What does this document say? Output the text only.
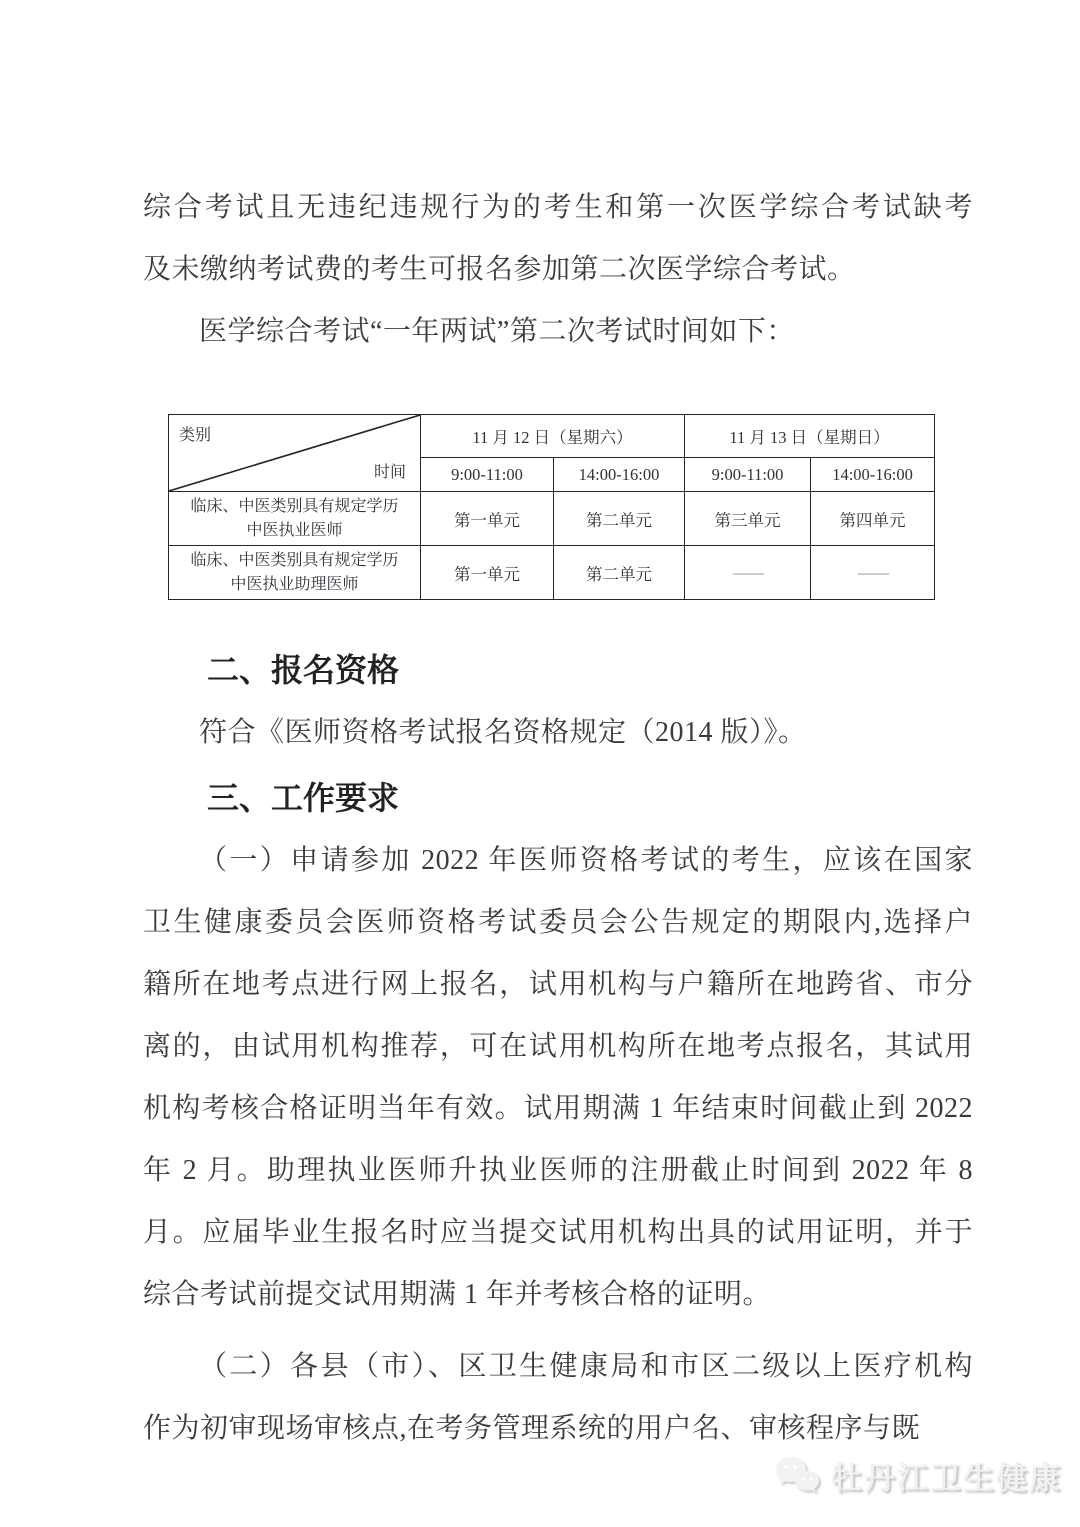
综合考试且无违纪违规行为的考生和第一次医学综合考试缺考
及未缴纳考试费的考生可报名参加第二次医学综合考试。
医学综合考试“一年两试”第二次考试时间如下：
类别
时间	11 月 12 日（星期六）		11 月 13 日（星期日）	
	9:00-11:00	14:00-16:00	9:00-11:00	14:00-16:00

临床、中医类别具有规定学历
中医执业医师	第一单元	第二单元	第三单元	第四单元

临床、中医类别具有规定学历
中医执业助理医师	第一单元	第二单元	——	——
二、报名资格
符合《医师资格考试报名资格规定（2014 版）》。
三、工作要求
（一）申请参加 2022 年医师资格考试的考生，应该在国家
卫生健康委员会医师资格考试委员会公告规定的期限内,选择户
籍所在地考点进行网上报名，试用机构与户籍所在地跨省、市分
离的，由试用机构推荐，可在试用机构所在地考点报名，其试用
机构考核合格证明当年有效。试用期满 1 年结束时间截止到 2022
年 2 月。助理执业医师升执业医师的注册截止时间到 2022 年 8
月。应届毕业生报名时应当提交试用机构出具的试用证明，并于
综合考试前提交试用期满 1 年并考核合格的证明。
（二）各县（市）、区卫生健康局和市区二级以上医疗机构
作为初审现场审核点,在考务管理系统的用户名、审核程序与既
牡丹江卫生健康
